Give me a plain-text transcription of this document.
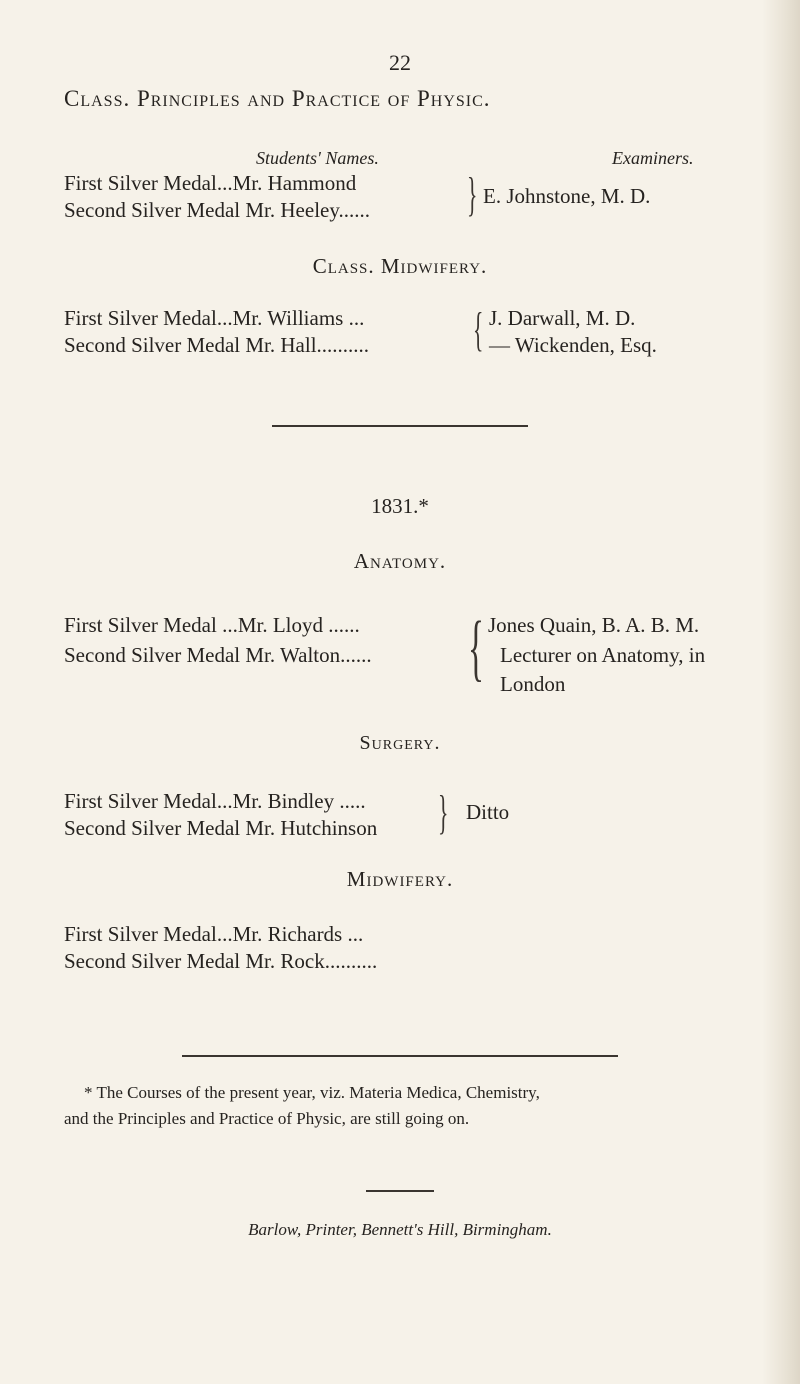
22
Class. Principles and Practice of Physic.
Students' Names.	Examiners.
First Silver Medal...Mr. Hammond
Second Silver Medal Mr. Heeley...... } E. Johnstone, M. D.
Class. Midwifery.
First Silver Medal...Mr. Williams ...
Second Silver Medal Mr. Hall.......... { J. Darwall, M. D.
— Wickenden, Esq.
1831.*
Anatomy.
First Silver Medal ...Mr. Lloyd ......
Second Silver Medal Mr. Walton...... { Jones Quain, B. A. B. M.
Lecturer on Anatomy, in
London
Surgery.
First Silver Medal...Mr. Bindley .....
Second Silver Medal Mr. Hutchinson } Ditto
Midwifery.
First Silver Medal...Mr. Richards ...
Second Silver Medal Mr. Rock..........
* The Courses of the present year, viz. Materia Medica, Chemistry,
and the Principles and Practice of Physic, are still going on.
Barlow, Printer, Bennett's Hill, Birmingham.
